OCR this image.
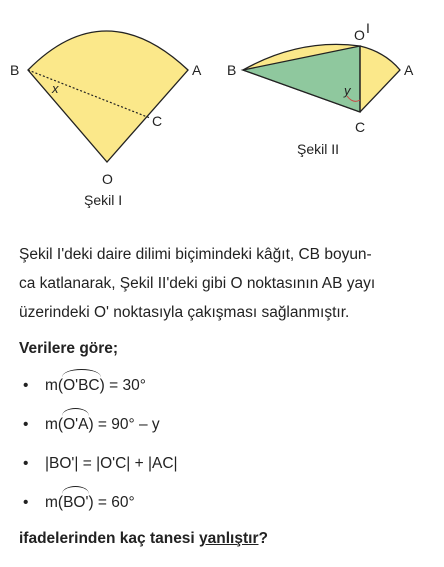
B	A
C
O
x
B	A
C
O I
y
Şekil I
Şekil II
Şekil I'deki daire dilimi biçimindeki kâğıt, CB boyun-
ca katlanarak, Şekil II'deki gibi O noktasının AB yayı
üzerindeki O' noktasıyla çakışması sağlanmıştır.
Verilere göre;
• m(O'BC) = 30°
• m(O'A) = 90° – y
• |BO'| = |O'C| + |AC|
• m(BO') = 60°
ifadelerinden kaç tanesi yanlıştır?
